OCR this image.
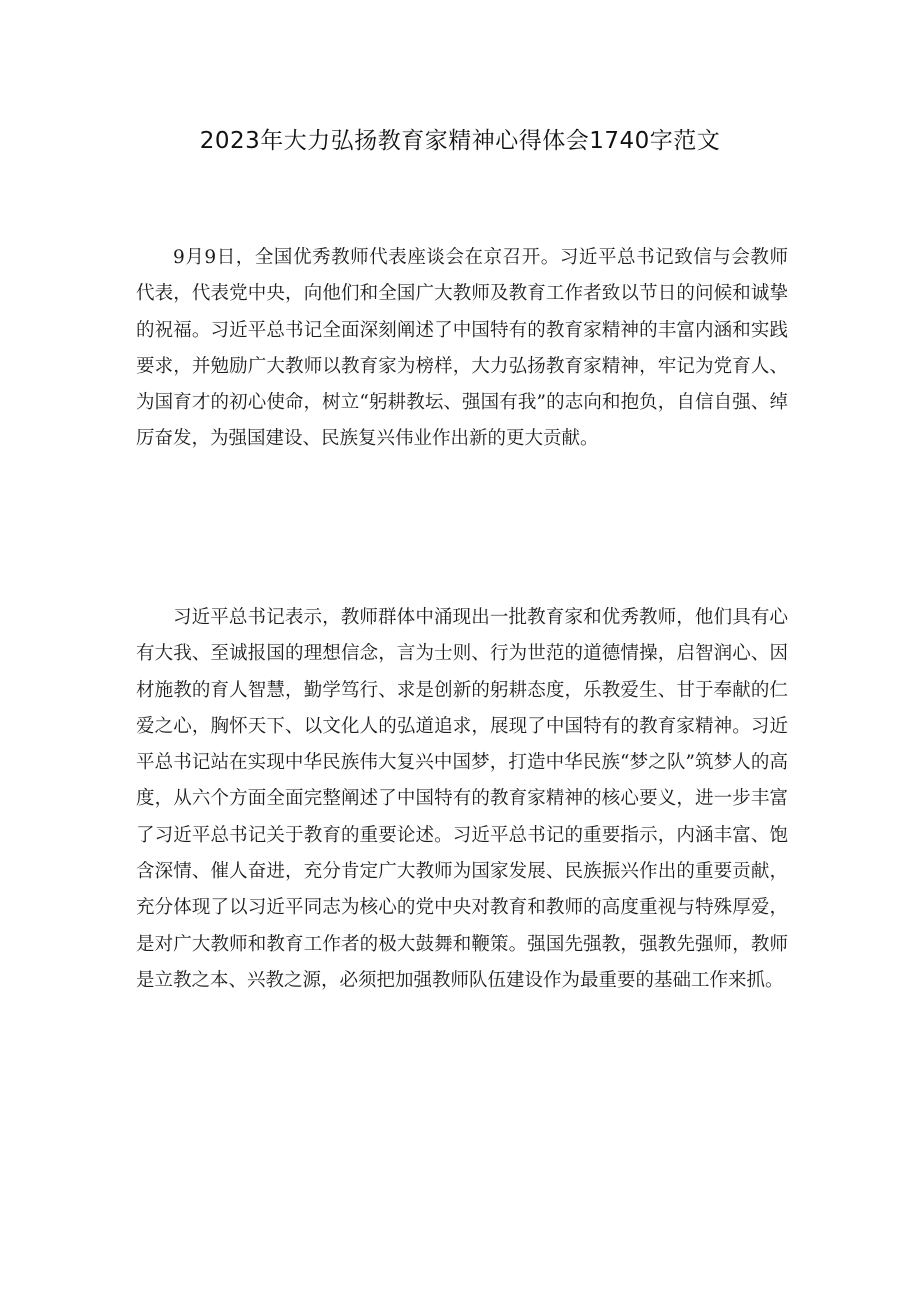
2023年大力弘扬教育家精神心得体会1740字范文

9月9日，全国优秀教师代表座谈会在京召开。习近平总书记致信与会教师代表，代表党中央，向他们和全国广大教师及教育工作者致以节日的问候和诚挚的祝福。习近平总书记全面深刻阐述了中国特有的教育家精神的丰富内涵和实践要求，并勉励广大教师以教育家为榜样，大力弘扬教育家精神，牢记为党育人、为国育才的初心使命，树立“躬耕教坛、强国有我”的志向和抱负，自信自强、绰厉奋发，为强国建设、民族复兴伟业作出新的更大贡献。

习近平总书记表示，教师群体中涌现出一批教育家和优秀教师，他们具有心有大我、至诚报国的理想信念，言为士则、行为世范的道德情操，启智润心、因材施教的育人智慧，勤学笃行、求是创新的躬耕态度，乐教爱生、甘于奉献的仁爱之心，胸怀天下、以文化人的弘道追求，展现了中国特有的教育家精神。习近平总书记站在实现中华民族伟大复兴中国梦，打造中华民族“梦之队”筑梦人的高度，从六个方面全面完整阐述了中国特有的教育家精神的核心要义，进一步丰富了习近平总书记关于教育的重要论述。习近平总书记的重要指示，内涵丰富、饱含深情、催人奋进，充分肯定广大教师为国家发展、民族振兴作出的重要贡献，充分体现了以习近平同志为核心的党中央对教育和教师的高度重视与特殊厚爱，是对广大教师和教育工作者的极大鼓舞和鞭策。强国先强教，强教先强师，教师是立教之本、兴教之源，必须把加强教师队伍建设作为最重要的基础工作来抓。
